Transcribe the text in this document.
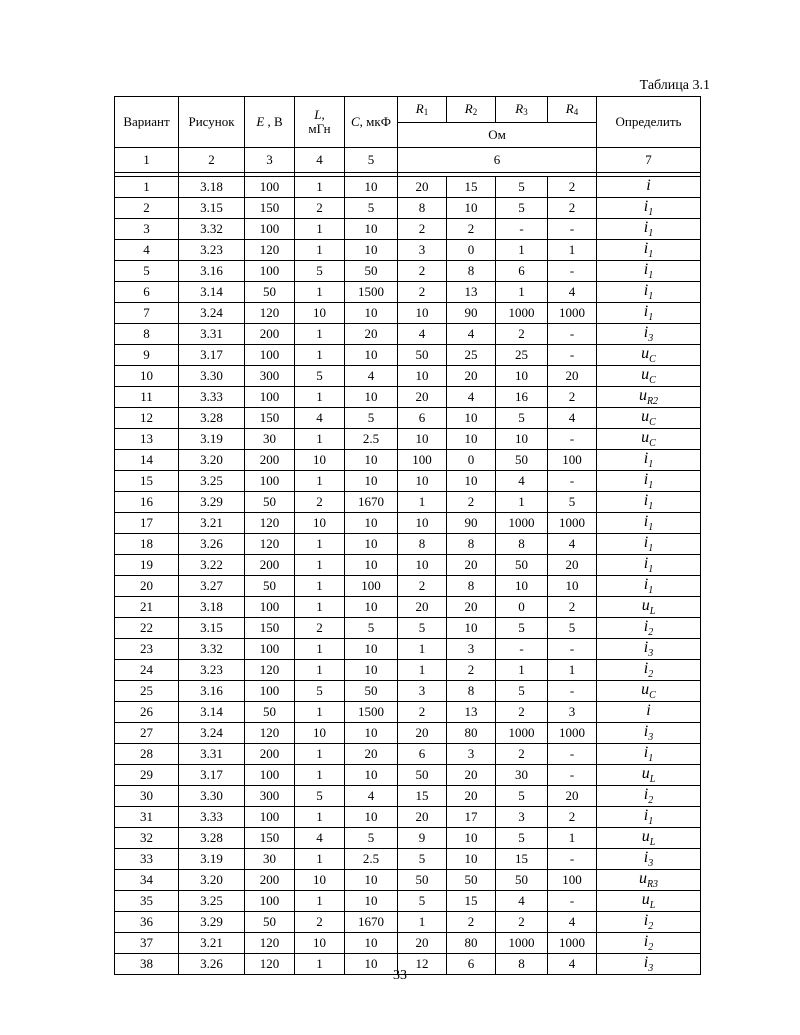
Таблица 3.1
Вариант	Рисунок	E , В	L,
мГн	C, мкФ	$R_1$	$R_2$	$R_3$	$R_4$	Определить
					Ом				
1	2	3	4	5	6				7

1	3.18	100	1	10	20	15	5	2	i
2	3.15	150	2	5	8	10	5	2	$i_1$
3	3.32	100	1	10	2	2	-	-	$i_1$
4	3.23	120	1	10	3	0	1	1	$i_1$
5	3.16	100	5	50	2	8	6	-	$i_1$
6	3.14	50	1	1500	2	13	1	4	$i_1$
7	3.24	120	10	10	10	90	1000	1000	$i_1$
8	3.31	200	1	20	4	4	2	-	$i_3$
9	3.17	100	1	10	50	25	25	-	$u_C$
10	3.30	300	5	4	10	20	10	20	$u_C$
11	3.33	100	1	10	20	4	16	2	$u_{R2}$
12	3.28	150	4	5	6	10	5	4	$u_C$
13	3.19	30	1	2.5	10	10	10	-	$u_C$
14	3.20	200	10	10	100	0	50	100	$i_1$
15	3.25	100	1	10	10	10	4	-	$i_1$
16	3.29	50	2	1670	1	2	1	5	$i_1$
17	3.21	120	10	10	10	90	1000	1000	$i_1$
18	3.26	120	1	10	8	8	8	4	$i_1$
19	3.22	200	1	10	10	20	50	20	$i_1$
20	3.27	50	1	100	2	8	10	10	$i_1$
21	3.18	100	1	10	20	20	0	2	$u_L$
22	3.15	150	2	5	5	10	5	5	$i_2$
23	3.32	100	1	10	1	3	-	-	$i_3$
24	3.23	120	1	10	1	2	1	1	$i_2$
25	3.16	100	5	50	3	8	5	-	$u_C$
26	3.14	50	1	1500	2	13	2	3	i
27	3.24	120	10	10	20	80	1000	1000	$i_3$
28	3.31	200	1	20	6	3	2	-	$i_1$
29	3.17	100	1	10	50	20	30	-	$u_L$
30	3.30	300	5	4	15	20	5	20	$i_2$
31	3.33	100	1	10	20	17	3	2	$i_1$
32	3.28	150	4	5	9	10	5	1	$u_L$
33	3.19	30	1	2.5	5	10	15	-	$i_3$
34	3.20	200	10	10	50	50	50	100	$u_{R3}$
35	3.25	100	1	10	5	15	4	-	$u_L$
36	3.29	50	2	1670	1	2	2	4	$i_2$
37	3.21	120	10	10	20	80	1000	1000	$i_2$
38	3.26	120	1	10	12	6	8	4	$i_3$
33
